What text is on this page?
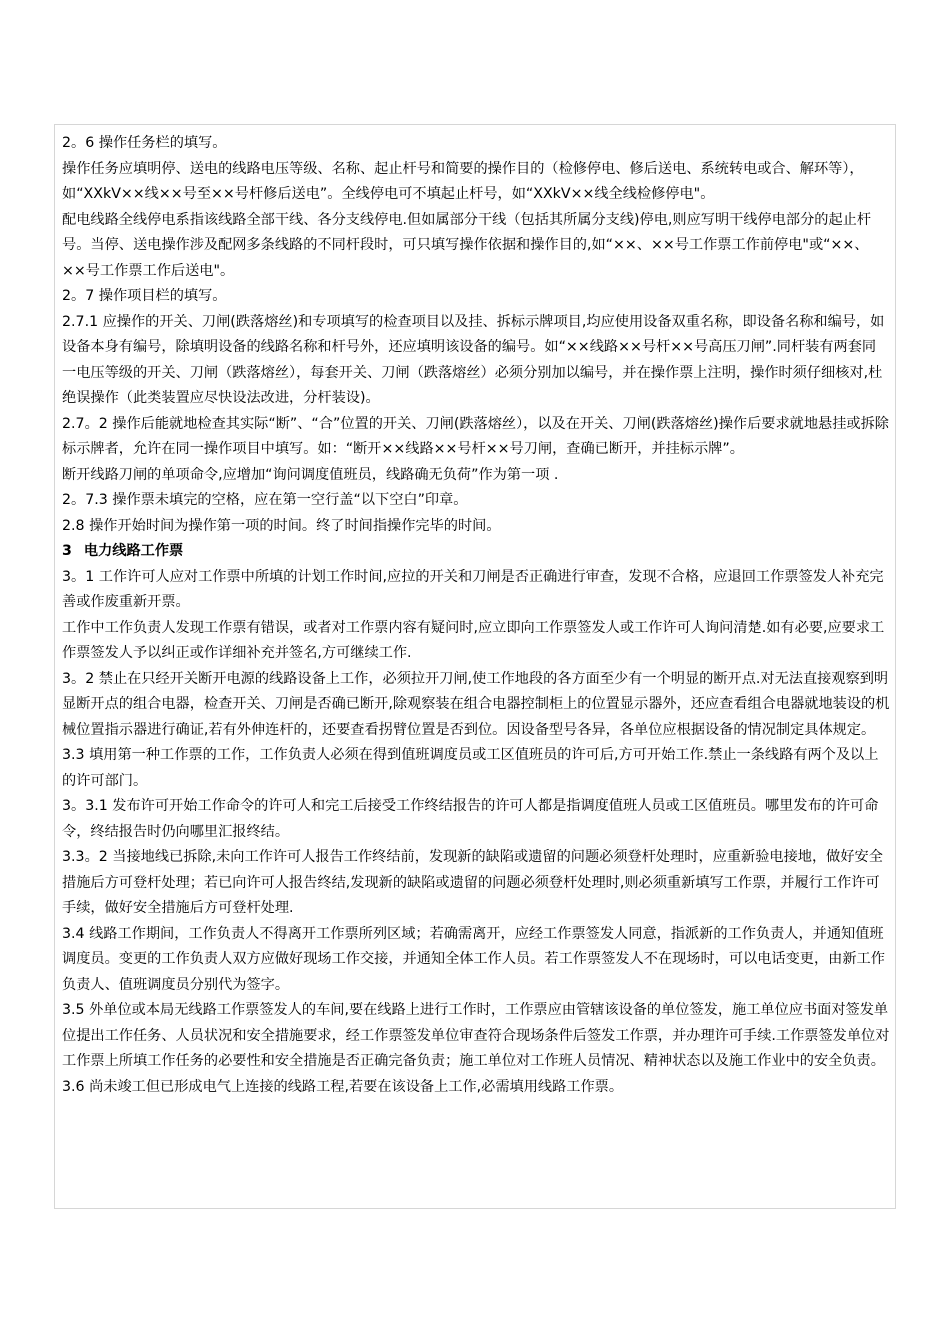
2。6 操作任务栏的填写。

操作任务应填明停、送电的线路电压等级、名称、起止杆号和简要的操作目的（检修停电、修后送电、系统转电或合、解环等），如“XXkV××线××号至××号杆修后送电”。全线停电可不填起止杆号，如“XXkV××线全线检修停电"。

配电线路全线停电系指该线路全部干线、各分支线停电.但如属部分干线（包括其所属分支线)停电,则应写明干线停电部分的起止杆号。当停、送电操作涉及配网多条线路的不同杆段时，可只填写操作依据和操作目的,如“××、××号工作票工作前停电"或“××、××号工作票工作后送电"。

2。7 操作项目栏的填写。

2.7.1 应操作的开关、刀闸(跌落熔丝)和专项填写的检查项目以及挂、拆标示牌项目,均应使用设备双重名称，即设备名称和编号，如设备本身有编号，除填明设备的线路名称和杆号外，还应填明该设备的编号。如“××线路××号杆××号高压刀闸”.同杆装有两套同一电压等级的开关、刀闸（跌落熔丝），每套开关、刀闸（跌落熔丝）必须分别加以编号，并在操作票上注明，操作时须仔细核对,杜绝误操作（此类装置应尽快设法改进，分杆装设)。

2.7。2 操作后能就地检查其实际“断”、“合”位置的开关、刀闸(跌落熔丝），以及在开关、刀闸(跌落熔丝)操作后要求就地悬挂或拆除标示牌者，允许在同一操作项目中填写。如：“断开××线路××号杆××号刀闸，查确已断开，并挂标示牌”。

断开线路刀闸的单项命令,应增加“询问调度值班员，线路确无负荷”作为第一项 .

2。7.3 操作票未填完的空格，应在第一空行盖“以下空白”印章。

2.8 操作开始时间为操作第一项的时间。终了时间指操作完毕的时间。

3 电力线路工作票

3。1 工作许可人应对工作票中所填的计划工作时间,应拉的开关和刀闸是否正确进行审查，发现不合格，应退回工作票签发人补充完善或作废重新开票。

工作中工作负责人发现工作票有错误，或者对工作票内容有疑问时,应立即向工作票签发人或工作许可人询问清楚.如有必要,应要求工作票签发人予以纠正或作详细补充并签名,方可继续工作.

3。2 禁止在只经开关断开电源的线路设备上工作，必须拉开刀闸,使工作地段的各方面至少有一个明显的断开点.对无法直接观察到明显断开点的组合电器，检查开关、刀闸是否确已断开,除观察装在组合电器控制柜上的位置显示器外，还应查看组合电器就地装设的机械位置指示器进行确证,若有外伸连杆的，还要查看拐臂位置是否到位。因设备型号各异，各单位应根据设备的情况制定具体规定。

3.3 填用第一种工作票的工作，工作负责人必须在得到值班调度员或工区值班员的许可后,方可开始工作.禁止一条线路有两个及以上的许可部门。

3。3.1 发布许可开始工作命令的许可人和完工后接受工作终结报告的许可人都是指调度值班人员或工区值班员。哪里发布的许可命令，终结报告时仍向哪里汇报终结。

3.3。2 当接地线已拆除,未向工作许可人报告工作终结前，发现新的缺陷或遗留的问题必须登杆处理时，应重新验电接地，做好安全措施后方可登杆处理；若已向许可人报告终结,发现新的缺陷或遗留的问题必须登杆处理时,则必须重新填写工作票，并履行工作许可手续，做好安全措施后方可登杆处理.

3.4 线路工作期间，工作负责人不得离开工作票所列区域；若确需离开，应经工作票签发人同意，指派新的工作负责人，并通知值班调度员。变更的工作负责人双方应做好现场工作交接，并通知全体工作人员。若工作票签发人不在现场时，可以电话变更，由新工作负责人、值班调度员分别代为签字。

3.5 外单位或本局无线路工作票签发人的车间,要在线路上进行工作时，工作票应由管辖该设备的单位签发，施工单位应书面对签发单位提出工作任务、人员状况和安全措施要求，经工作票签发单位审查符合现场条件后签发工作票，并办理许可手续.工作票签发单位对工作票上所填工作任务的必要性和安全措施是否正确完备负责；施工单位对工作班人员情况、精神状态以及施工作业中的安全负责。

3.6 尚未竣工但已形成电气上连接的线路工程,若要在该设备上工作,必需填用线路工作票。
